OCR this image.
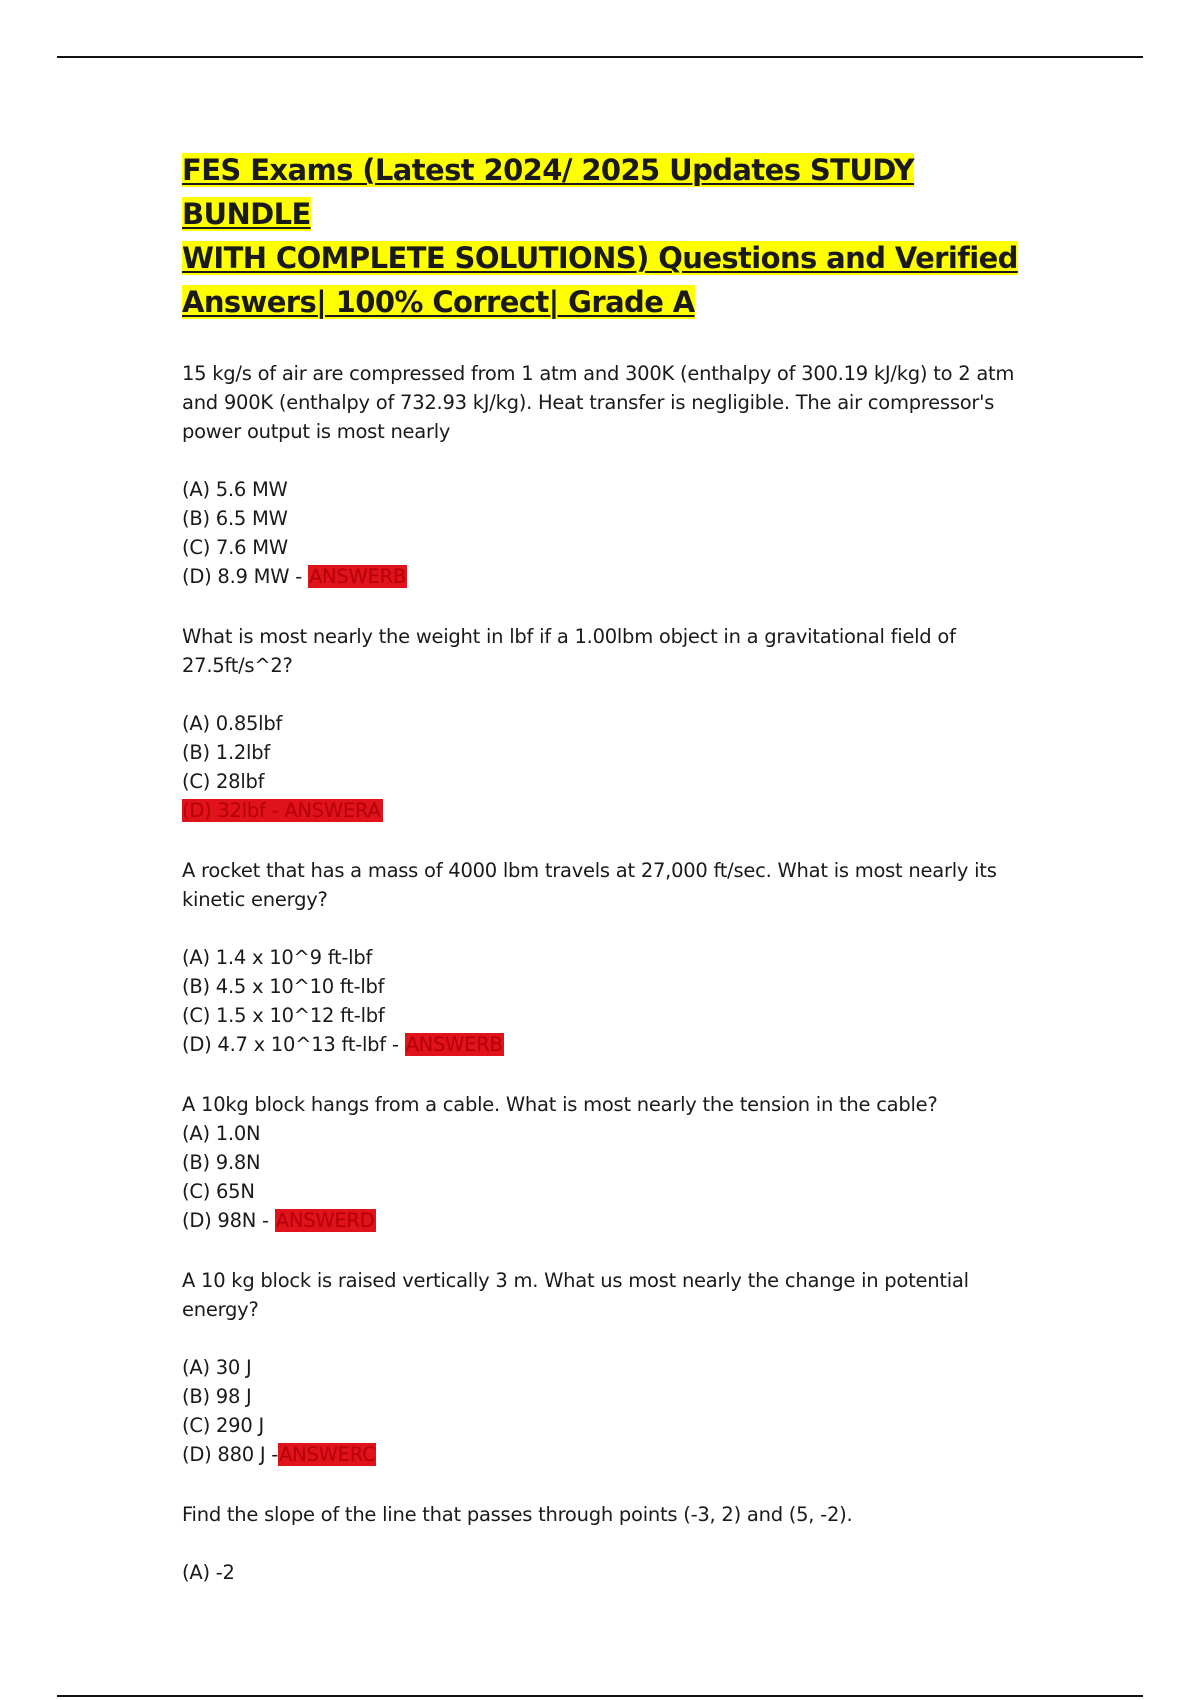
FES Exams (Latest 2024/ 2025 Updates STUDY BUNDLE
WITH COMPLETE SOLUTIONS) Questions and Verified
Answers| 100% Correct| Grade A

15 kg/s of air are compressed from 1 atm and 300K (enthalpy of 300.19 kJ/kg) to 2 atm and 900K (enthalpy of 732.93 kJ/kg). Heat transfer is negligible. The air compressor's power output is most nearly

(A) 5.6 MW

(B) 6.5 MW

(C) 7.6 MW

(D) 8.9 MW - ANSWERB

What is most nearly the weight in lbf if a 1.00lbm object in a gravitational field of 27.5ft/s^2?

(A) 0.85lbf

(B) 1.2lbf

(C) 28lbf

(D) 32lbf - ANSWERA

A rocket that has a mass of 4000 lbm travels at 27,000 ft/sec. What is most nearly its kinetic energy?

(A) 1.4 x 10^9 ft-lbf

(B) 4.5 x 10^10 ft-lbf

(C) 1.5 x 10^12 ft-lbf

(D) 4.7 x 10^13 ft-lbf - ANSWERB

A 10kg block hangs from a cable. What is most nearly the tension in the cable?

(A) 1.0N

(B) 9.8N

(C) 65N

(D) 98N - ANSWERD

A 10 kg block is raised vertically 3 m. What us most nearly the change in potential energy?

(A) 30 J

(B) 98 J

(C) 290 J

(D) 880 J -ANSWERC

Find the slope of the line that passes through points (-3, 2) and (5, -2).

(A) -2
